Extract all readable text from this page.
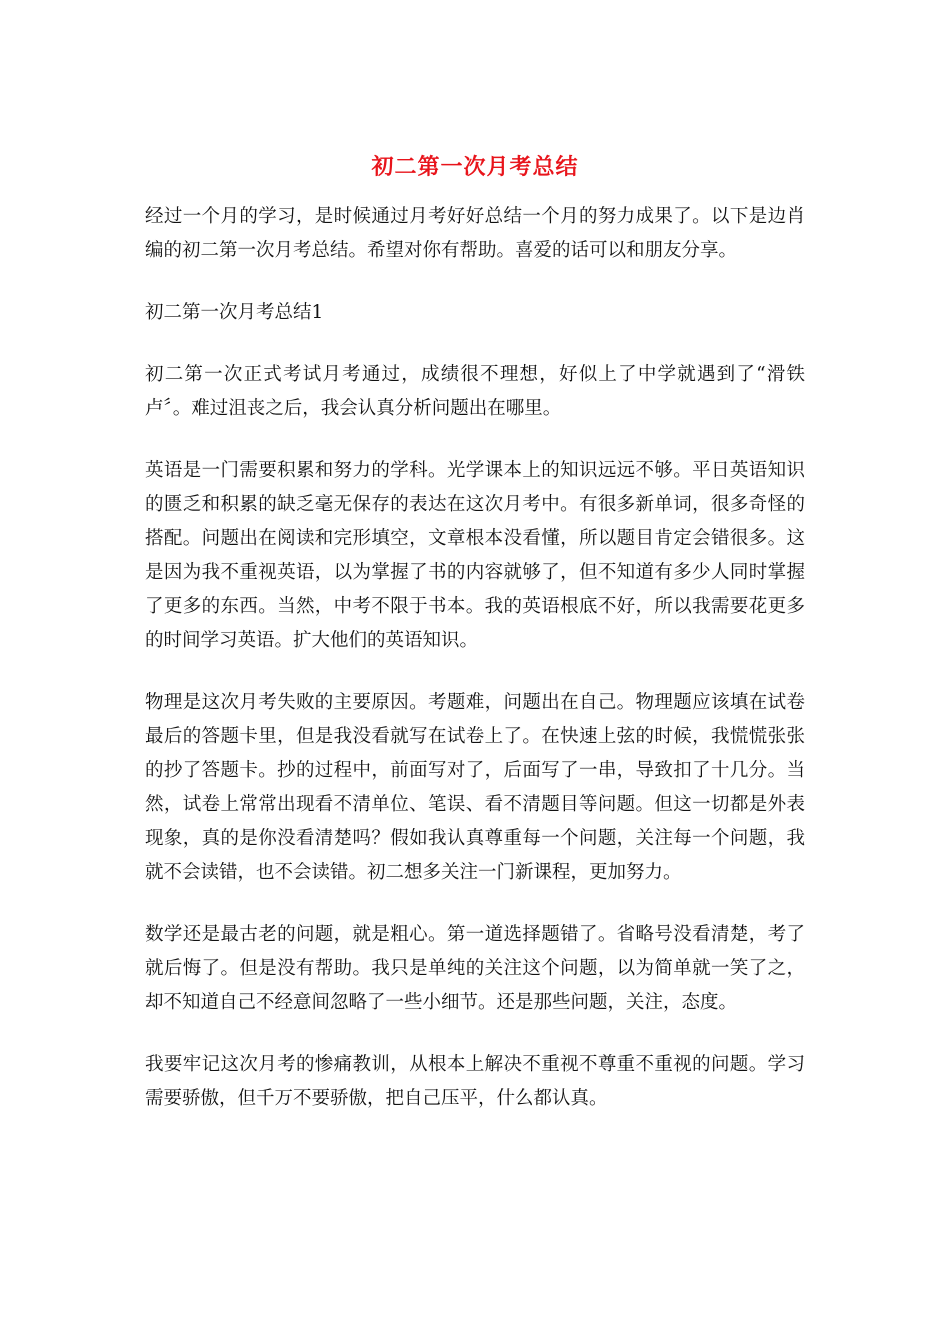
初二第一次月考总结

经过一个月的学习，是时候通过月考好好总结一个月的努力成果了。以下是边肖编的初二第一次月考总结。希望对你有帮助。喜爱的话可以和朋友分享。

初二第一次月考总结1

初二第一次正式考试月考通过，成绩很不理想，好似上了中学就遇到了“滑铁卢〞。难过沮丧之后，我会认真分析问题出在哪里。

英语是一门需要积累和努力的学科。光学课本上的知识远远不够。平日英语知识的匮乏和积累的缺乏毫无保存的表达在这次月考中。有很多新单词，很多奇怪的搭配。问题出在阅读和完形填空，文章根本没看懂，所以题目肯定会错很多。这是因为我不重视英语，以为掌握了书的内容就够了，但不知道有多少人同时掌握了更多的东西。当然，中考不限于书本。我的英语根底不好，所以我需要花更多的时间学习英语。扩大他们的英语知识。

物理是这次月考失败的主要原因。考题难，问题出在自己。物理题应该填在试卷最后的答题卡里，但是我没看就写在试卷上了。在快速上弦的时候，我慌慌张张的抄了答题卡。抄的过程中，前面写对了，后面写了一串，导致扣了十几分。当然，试卷上常常出现看不清单位、笔误、看不清题目等问题。但这一切都是外表现象，真的是你没看清楚吗？假如我认真尊重每一个问题，关注每一个问题，我就不会读错，也不会读错。初二想多关注一门新课程，更加努力。

数学还是最古老的问题，就是粗心。第一道选择题错了。省略号没看清楚，考了就后悔了。但是没有帮助。我只是单纯的关注这个问题，以为简单就一笑了之，却不知道自己不经意间忽略了一些小细节。还是那些问题，关注，态度。

我要牢记这次月考的惨痛教训，从根本上解决不重视不尊重不重视的问题。学习需要骄傲，但千万不要骄傲，把自己压平，什么都认真。
